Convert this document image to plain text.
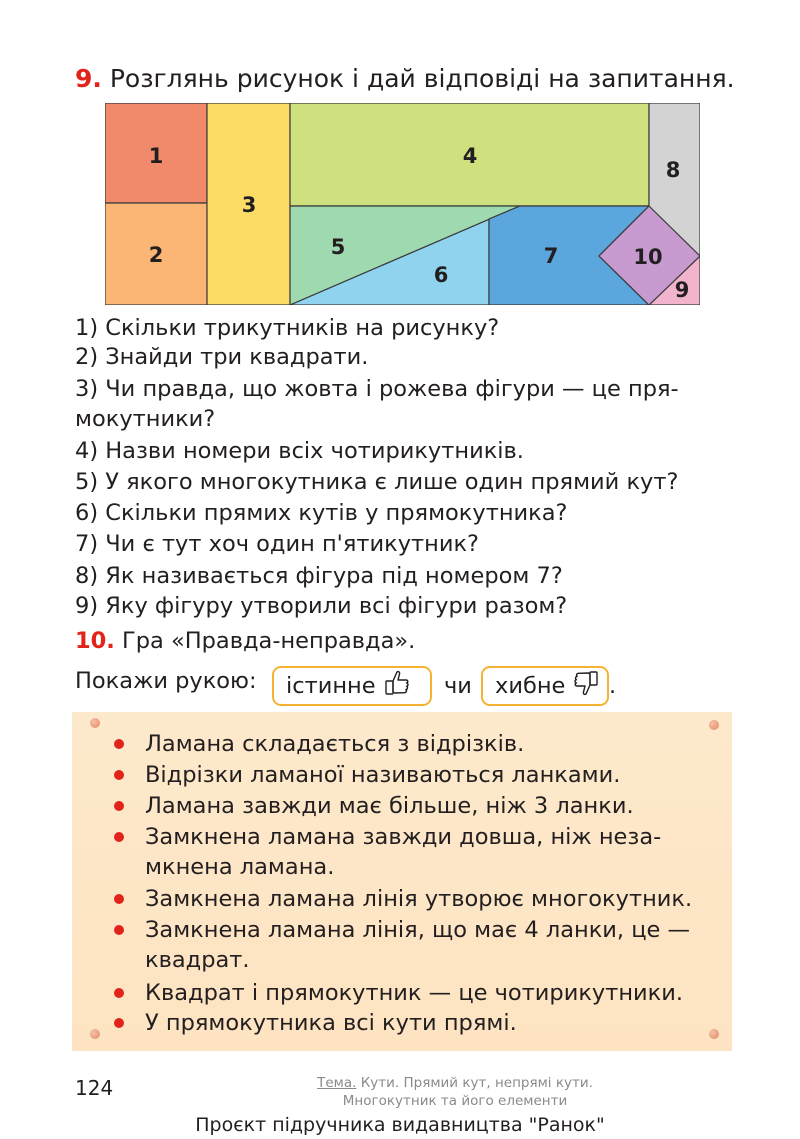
9. Розглянь рисунок і дай відповіді на запитання.
1
2
3
4
5
6
7
8
9
10
1) Скільки трикутників на рисунку?
2) Знайди три квадрати.
3) Чи правда, що жовта і рожева фігури — це пря-
мокутники?
4) Назви номери всіх чотирикутників.
5) У якого многокутника є лише один прямий кут?
6) Скільки прямих кутів у прямокутника?
7) Чи є тут хоч один п'ятикутник?
8) Як називається фігура під номером 7?
9) Яку фігуру утворили всі фігури разом?
10. Гра «Правда-неправда».
Покажи рукою: істинне	чи хибне .
Ламана складається з відрізків.
Відрізки ламаної називаються ланками.
Ламана завжди має більше, ніж 3 ланки.
Замкнена ламана завжди довша, ніж неза-
мкнена ламана.
Замкнена ламана лінія утворює многокутник.
Замкнена ламана лінія, що має 4 ланки, це —
квадрат.
Квадрат і прямокутник — це чотирикутники.
У прямокутника всі кути прямі.
124	Тема. Кути. Прямий кут, непрямі кути.
Многокутник та його елементи
Проєкт підручника видавництва "Ранок"
